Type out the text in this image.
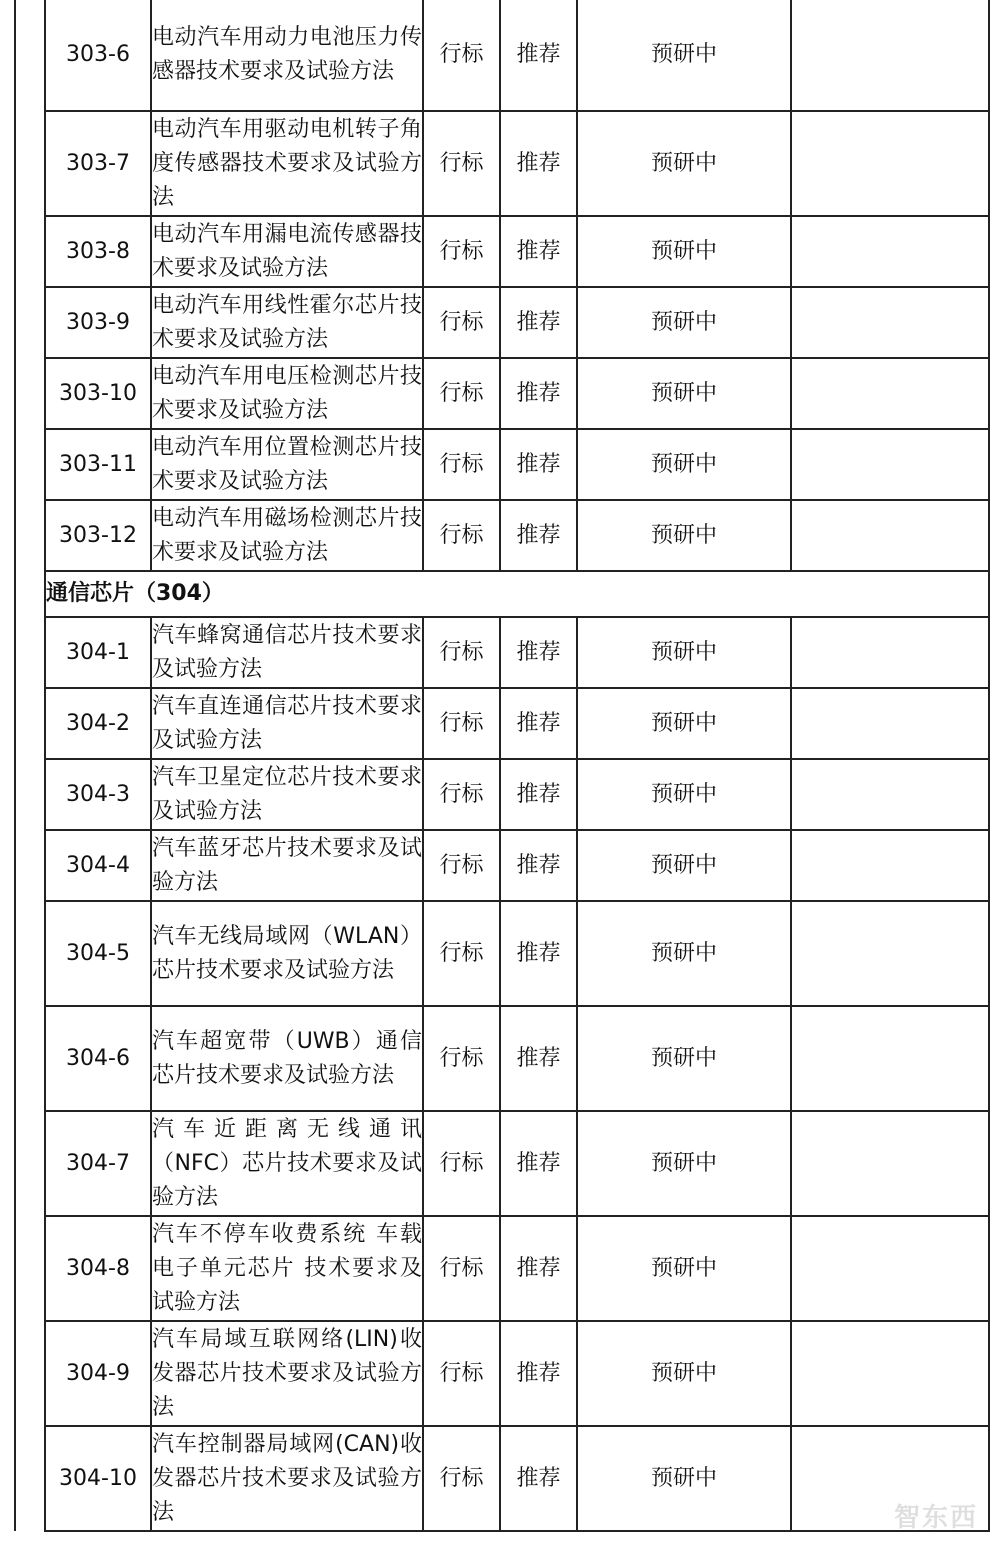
303-6	电动汽车用动力电池压力传感器技术要求及试验方法	行标	推荐	预研中	
303-7	电动汽车用驱动电机转子角度传感器技术要求及试验方法	行标	推荐	预研中	
303-8	电动汽车用漏电流传感器技术要求及试验方法	行标	推荐	预研中	
303-9	电动汽车用线性霍尔芯片技术要求及试验方法	行标	推荐	预研中	
303-10	电动汽车用电压检测芯片技术要求及试验方法	行标	推荐	预研中	
303-11	电动汽车用位置检测芯片技术要求及试验方法	行标	推荐	预研中	
303-12	电动汽车用磁场检测芯片技术要求及试验方法	行标	推荐	预研中	
通信芯片（304）					
304-1	汽车蜂窝通信芯片技术要求及试验方法	行标	推荐	预研中	
304-2	汽车直连通信芯片技术要求及试验方法	行标	推荐	预研中	
304-3	汽车卫星定位芯片技术要求及试验方法	行标	推荐	预研中	
304-4	汽车蓝牙芯片技术要求及试验方法	行标	推荐	预研中	
304-5	汽车无线局域网（WLAN）芯片技术要求及试验方法	行标	推荐	预研中	
304-6	汽车超宽带（UWB）通信芯片技术要求及试验方法	行标	推荐	预研中	
304-7	汽车近距离无线通讯（NFC）芯片技术要求及试验方法	行标	推荐	预研中	
304-8	汽车不停车收费系统 车载电子单元芯片 技术要求及试验方法	行标	推荐	预研中	
304-9	汽车局域互联网络(LIN)收发器芯片技术要求及试验方法	行标	推荐	预研中	
304-10	汽车控制器局域网(CAN)收发器芯片技术要求及试验方法	行标	推荐	预研中	
智东西
